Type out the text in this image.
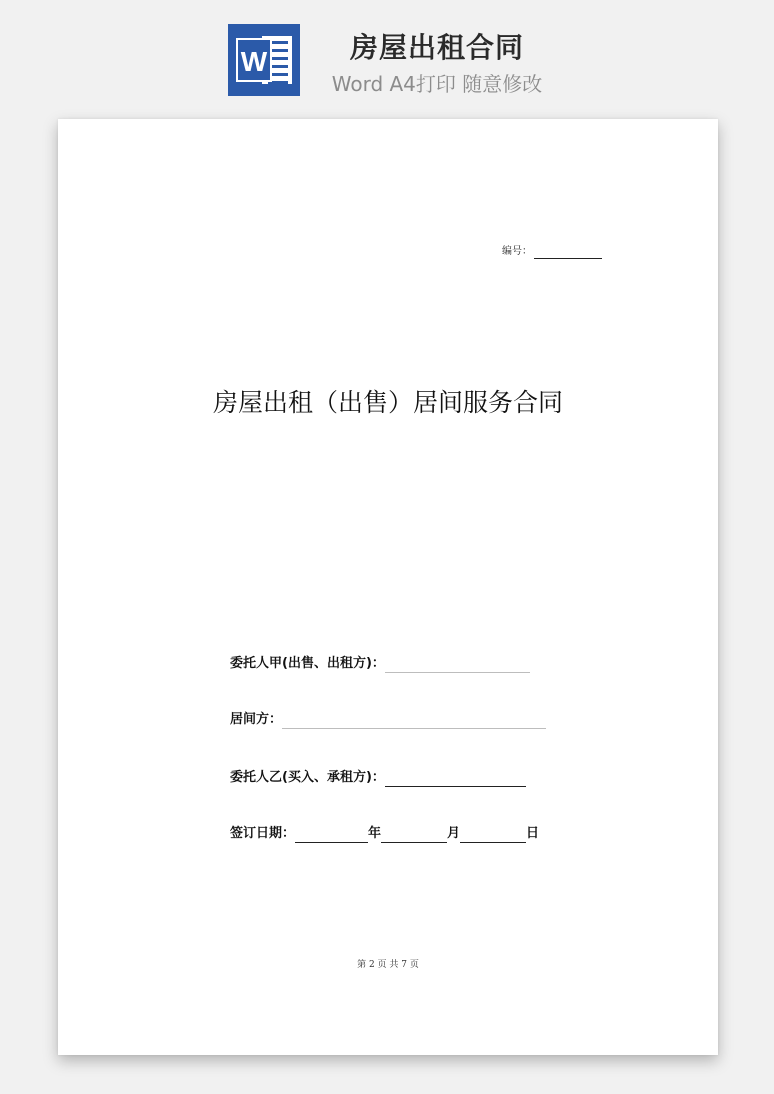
W	房屋出租合同
Word A4打印 随意修改
编号：
房屋出租（出售）居间服务合同
委托人甲(出售、出租方)：
居间方：
委托人乙(买入、承租方)：
签订日期：	年	月	日
第 2 页 共 7 页
